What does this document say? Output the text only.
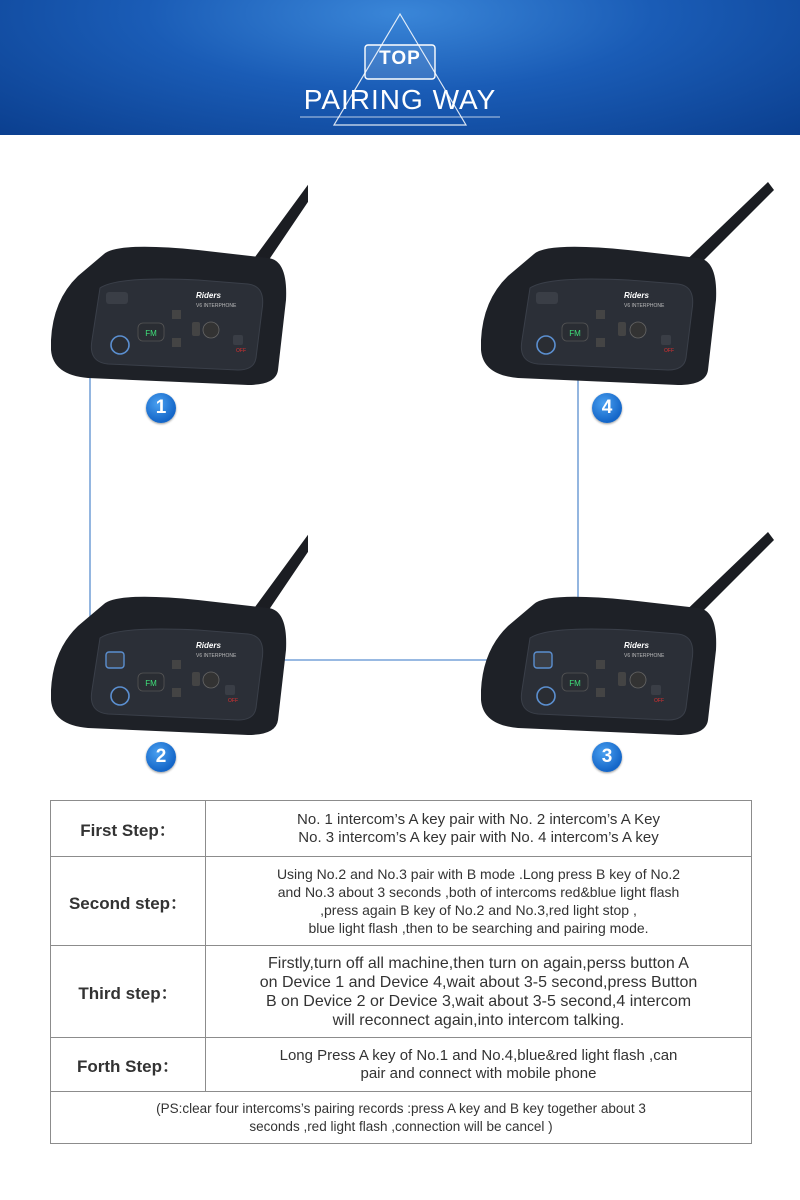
TOP
PAIRING WAY
FM
Riders
V6 INTERPHONE
OFF
1
FM
Riders
V6 INTERPHONE
OFF
4
FM
Riders
V6 INTERPHONE
OFF
2
FM
Riders
V6 INTERPHONE
OFF
3
First Step：	No. 1 intercom’s A key pair with No. 2 intercom’s A Key
No. 3 intercom’s A key pair with No. 4 intercom’s A key

Second step：	Using No.2 and No.3 pair with B mode .Long press B key of No.2
and No.3 about 3 seconds ,both of intercoms red&blue light flash
,press again B key of No.2 and No.3,red light stop ,
blue light flash ,then to be searching and pairing mode.

Third step：	Firstly,turn off all machine,then turn on again,perss button A
on Device 1 and Device 4,wait about 3-5 second,press Button
B on Device 2 or Device 3,wait about 3-5 second,4 intercom
will reconnect again,into intercom talking.

Forth Step：	Long Press A key of No.1 and No.4,blue&red light flash ,can
pair and connect with mobile phone

(PS:clear four intercoms’s pairing records :press A key and B key together about 3
seconds ,red light flash ,connection will be cancel )	
